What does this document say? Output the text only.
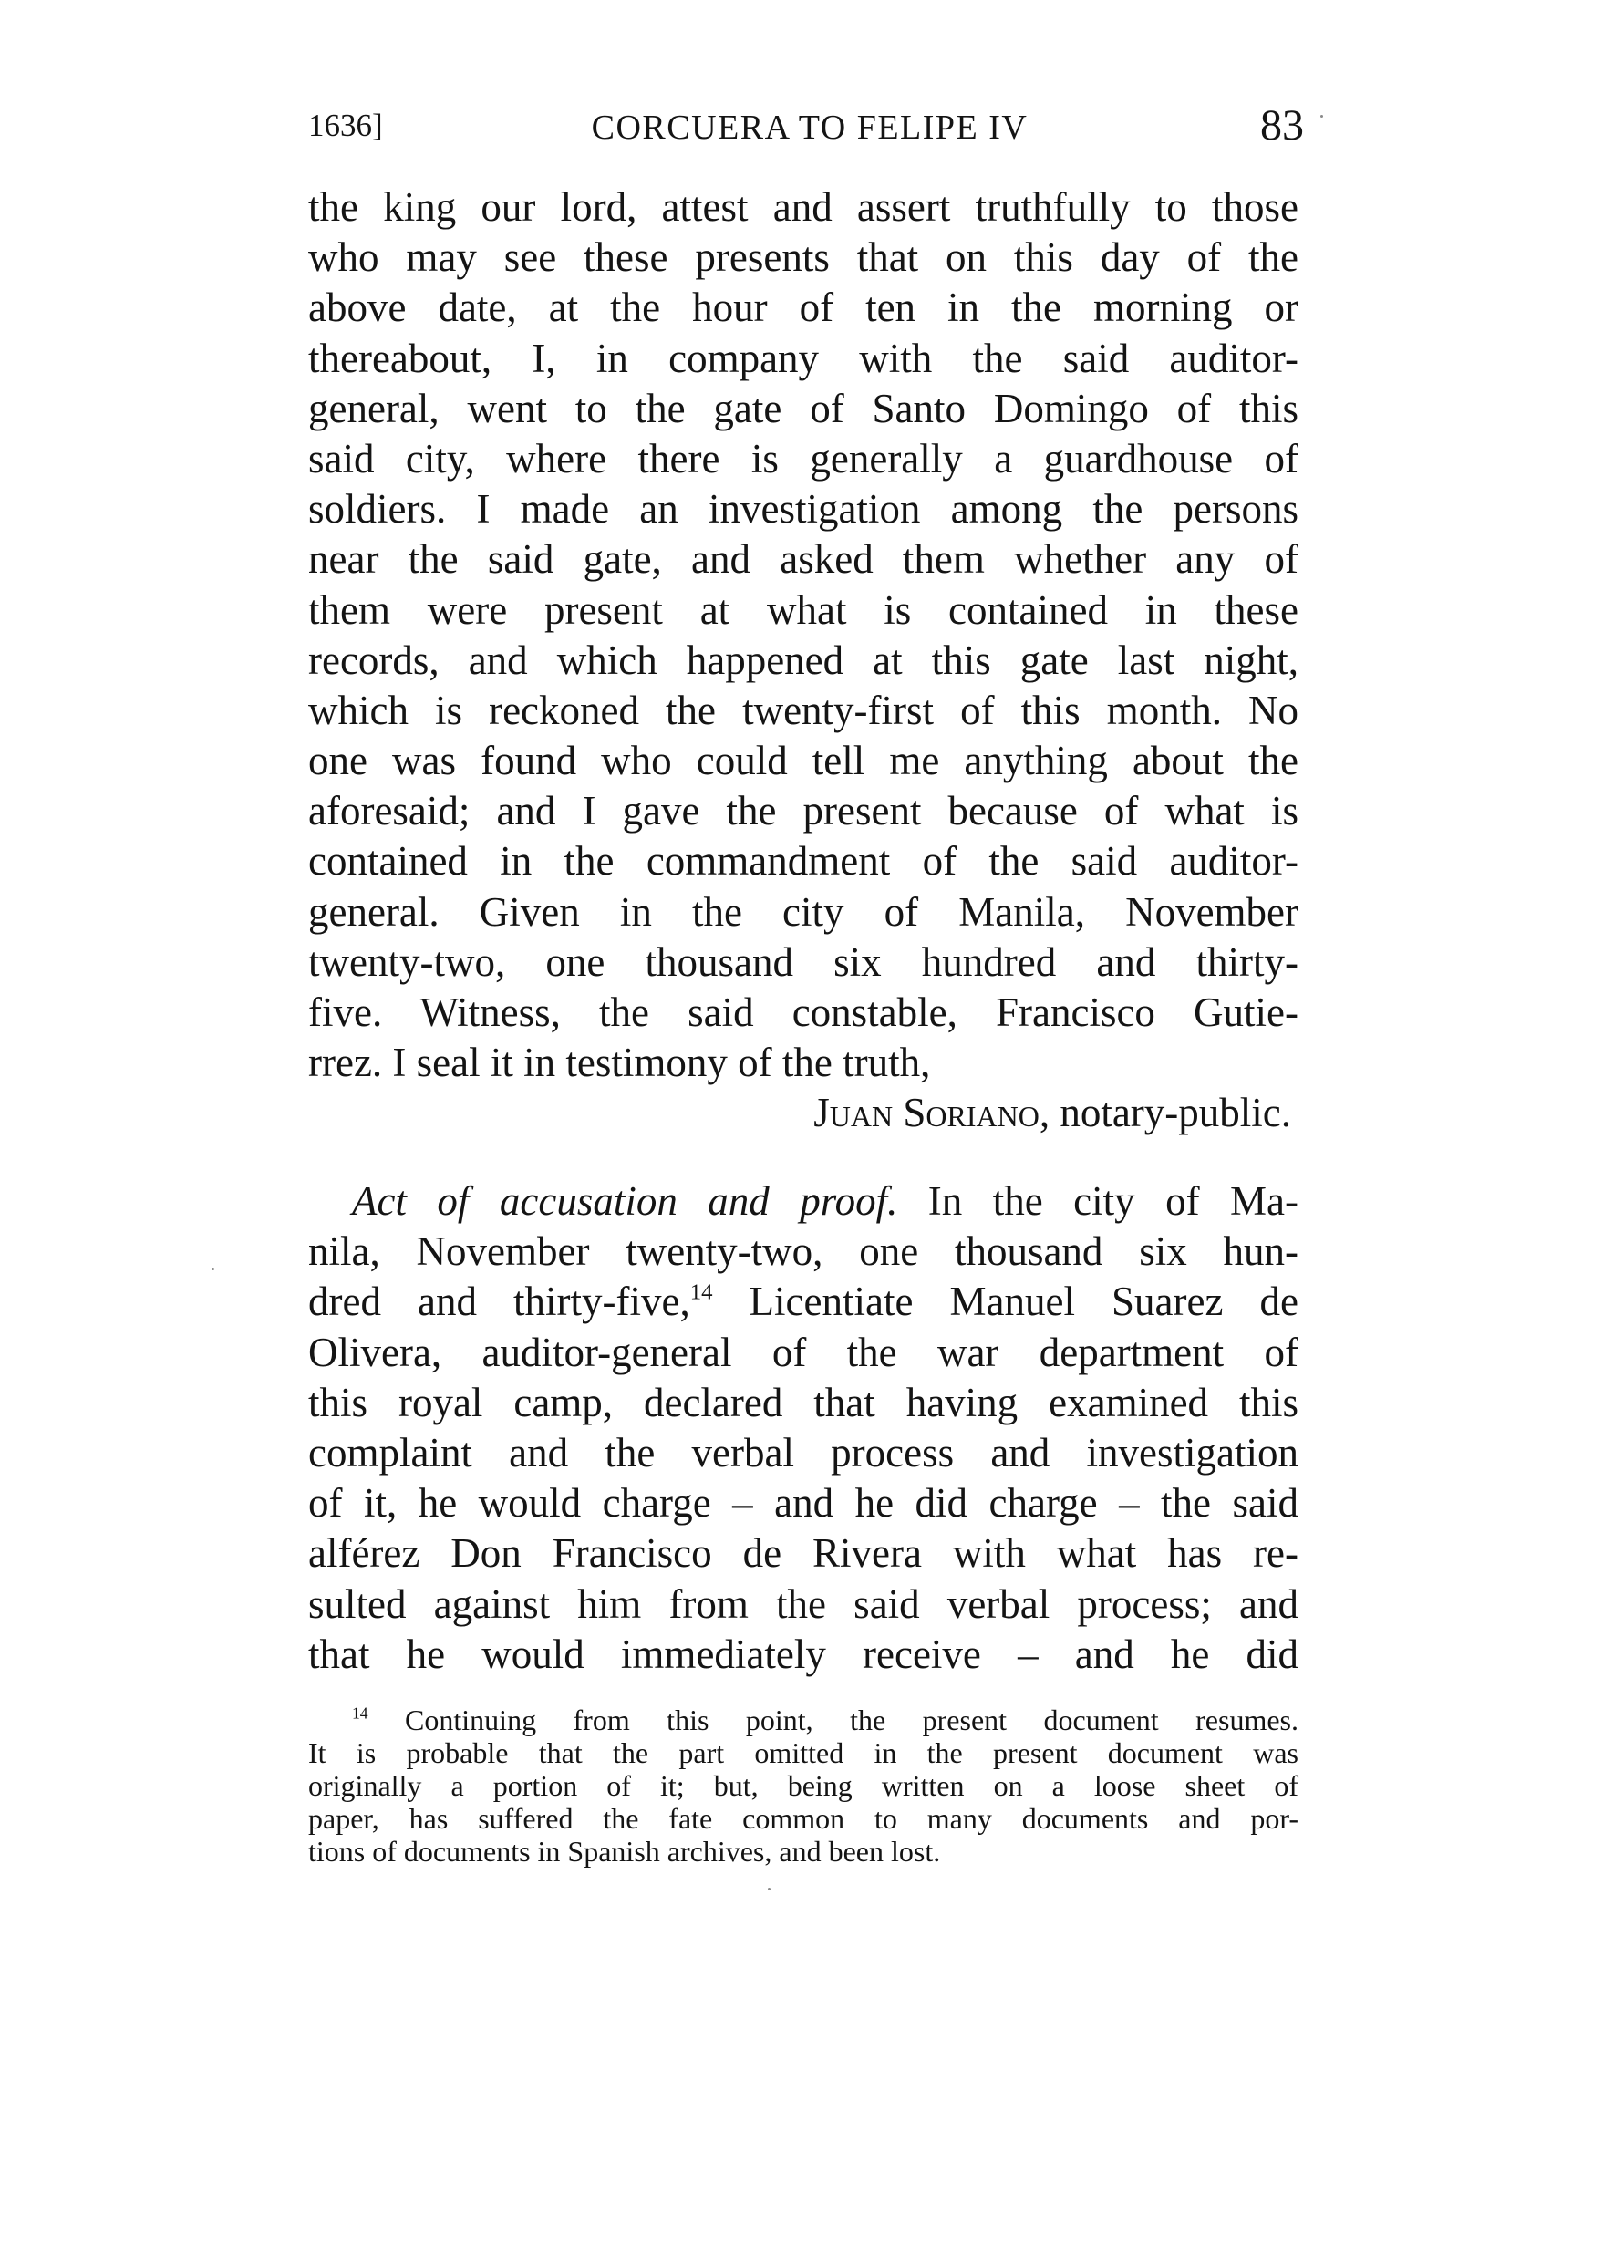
1636]	CORCUERA TO FELIPE IV	83
the king our lord, attest and assert truthfully to those
who may see these presents that on this day of the
above date, at the hour of ten in the morning or
thereabout, I, in company with the said auditor-
general, went to the gate of Santo Domingo of this
said city, where there is generally a guardhouse of
soldiers. I made an investigation among the persons
near the said gate, and asked them whether any of
them were present at what is contained in these
records, and which happened at this gate last night,
which is reckoned the twenty-first of this month. No
one was found who could tell me anything about the
aforesaid; and I gave the present because of what is
contained in the commandment of the said auditor-
general. Given in the city of Manila, November
twenty-two, one thousand six hundred and thirty-
five. Witness, the said constable, Francisco Gutie-
rrez. I seal it in testimony of the truth,
Juan Soriano, notary-public.
Act of accusation and proof. In the city of Ma-
nila, November twenty-two, one thousand six hun-
dred and thirty-five,$^{14}$ Licentiate Manuel Suarez de
Olivera, auditor-general of the war department of
this royal camp, declared that having examined this
complaint and the verbal process and investigation
of it, he would charge – and he did charge – the said
alférez Don Francisco de Rivera with what has re-
sulted against him from the said verbal process; and
that he would immediately receive – and he did
$^{14}$ Continuing from this point, the present document resumes.
It is probable that the part omitted in the present document was
originally a portion of it; but, being written on a loose sheet of
paper, has suffered the fate common to many documents and por-
tions of documents in Spanish archives, and been lost.
